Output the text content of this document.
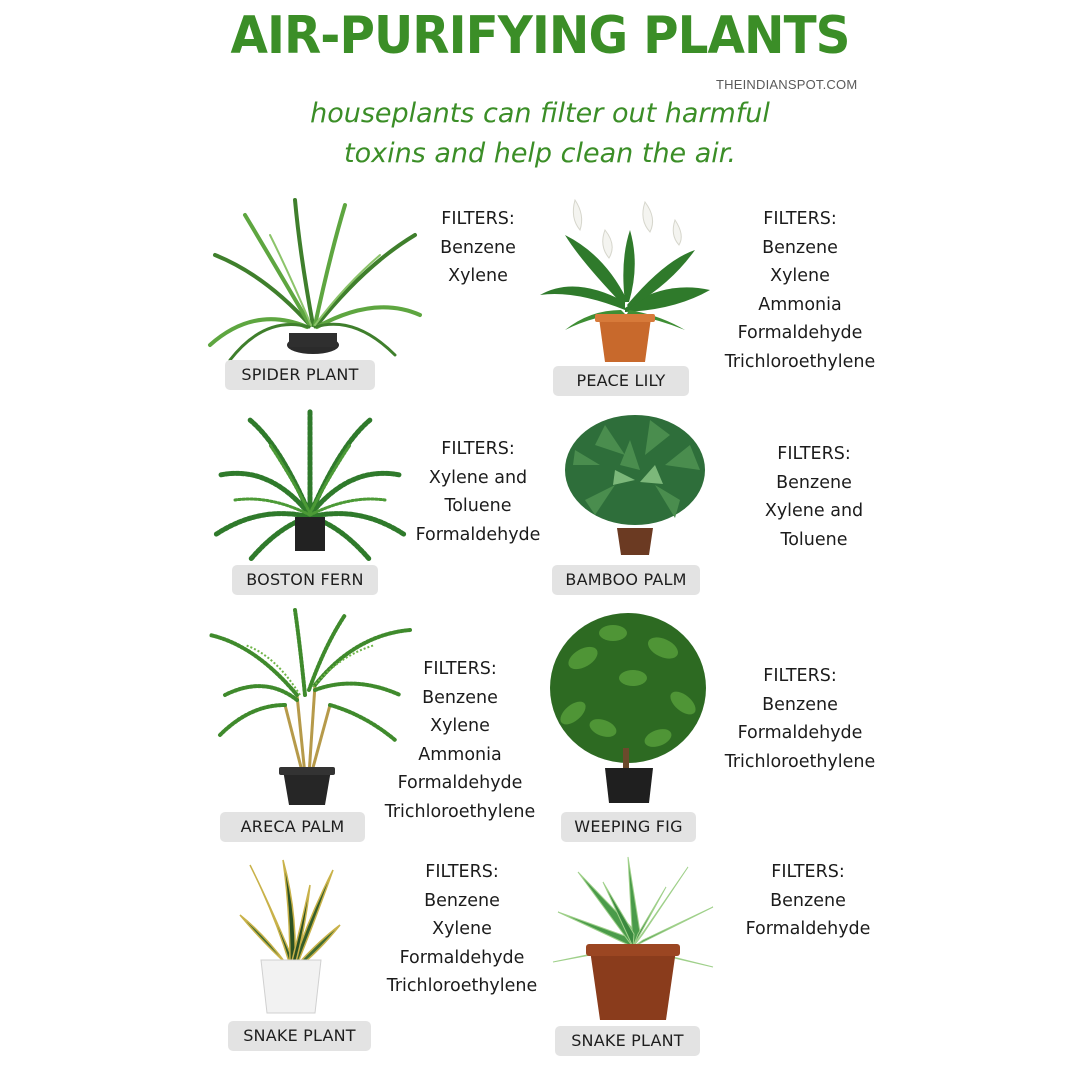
AIR-PURIFYING PLANTS
THEINDIANSPOT.COM

houseplants can filter out harmful
toxins and help clean the air.

SPIDER PLANT
FILTERS:
Benzene
Xylene
PEACE LILY
FILTERS:
Benzene
Xylene
Ammonia
Formaldehyde
Trichloroethylene
BOSTON FERN
FILTERS:
Xylene and
Toluene
Formaldehyde
BAMBOO PALM
FILTERS:
Benzene
Xylene and
Toluene
ARECA PALM
FILTERS:
Benzene
Xylene
Ammonia
Formaldehyde
Trichloroethylene
WEEPING FIG
FILTERS:
Benzene
Formaldehyde
Trichloroethylene
SNAKE PLANT
FILTERS:
Benzene
Xylene
Formaldehyde
Trichloroethylene
SNAKE PLANT
FILTERS:
Benzene
Formaldehyde
